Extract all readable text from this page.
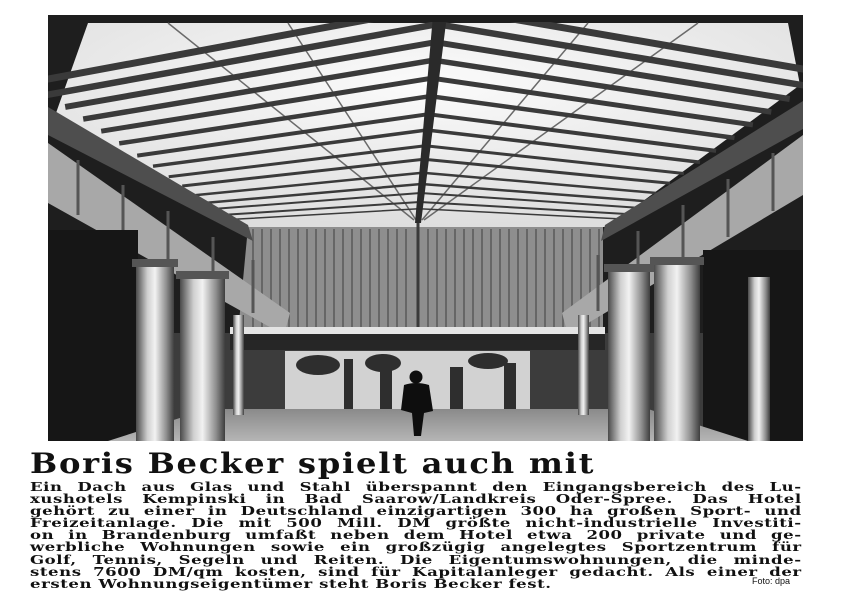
Boris Becker spielt auch mit
Ein Dach aus Glas und Stahl überspannt den Eingangsbereich des Lu-
xushotels Kempinski in Bad Saarow/Landkreis Oder-Spree. Das Hotel
gehört zu einer in Deutschland einzigartigen 300 ha großen Sport- und
Freizeitanlage. Die mit 500 Mill. DM größte nicht-industrielle Investiti-
on in Brandenburg umfaßt neben dem Hotel etwa 200 private und ge-
werbliche Wohnungen sowie ein großzügig angelegtes Sportzentrum für
Golf, Tennis, Segeln und Reiten. Die Eigentumswohnungen, die minde-
stens 7600 DM/qm kosten, sind für Kapitalanleger gedacht. Als einer der
ersten Wohnungseigentümer steht Boris Becker fest.	Foto: dpa
